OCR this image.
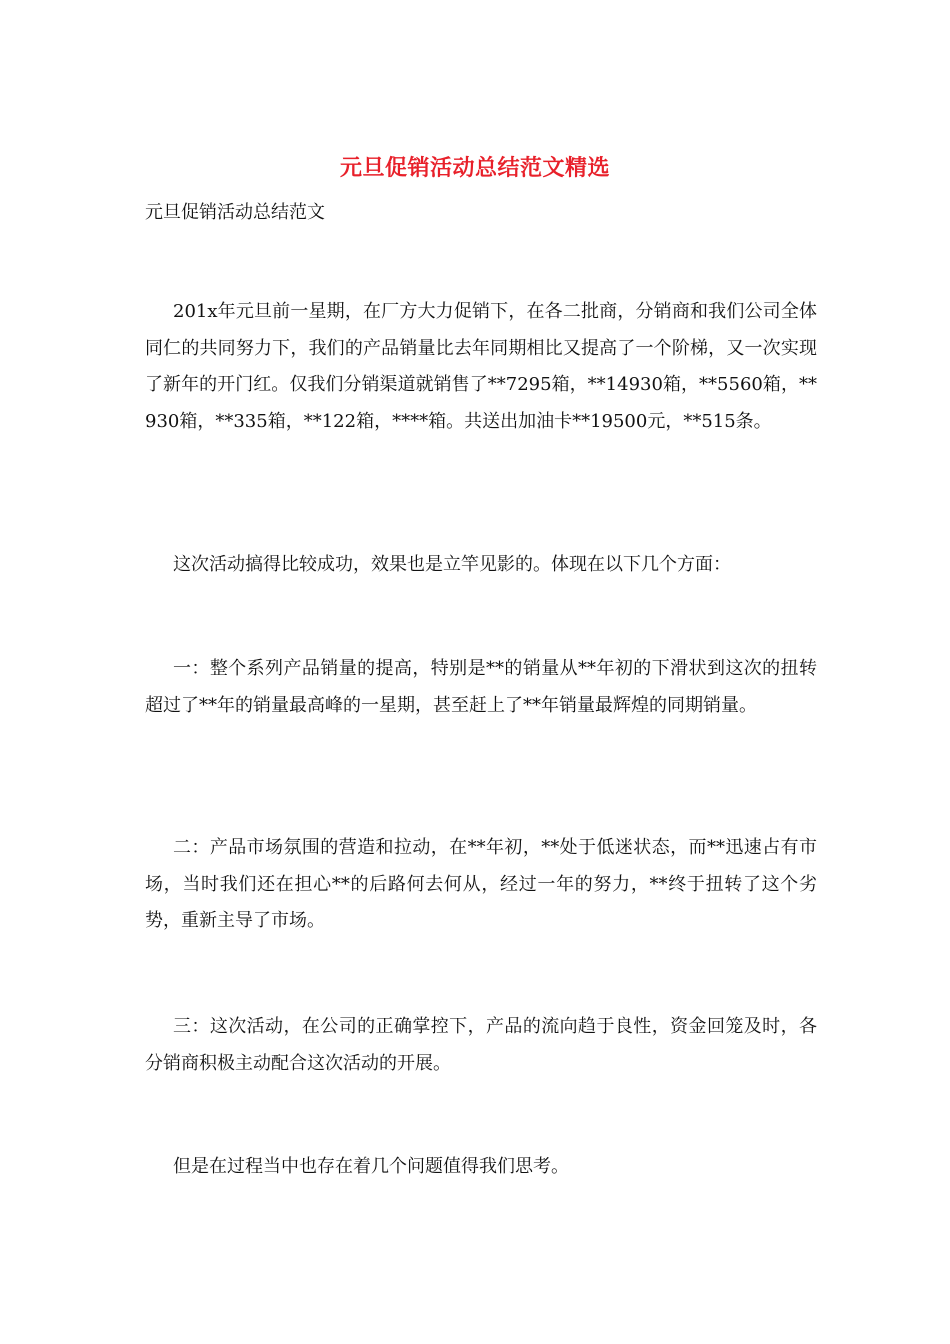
元旦促销活动总结范文精选
元旦促销活动总结范文

201x年元旦前一星期，在厂方大力促销下，在各二批商，分销商和我们公司全体同仁的共同努力下，我们的产品销量比去年同期相比又提高了一个阶梯，又一次实现了新年的开门红。仅我们分销渠道就销售了**7295箱，**14930箱，**5560箱，**930箱，**335箱，**122箱，****箱。共送出加油卡**19500元，**515条。

这次活动搞得比较成功，效果也是立竿见影的。体现在以下几个方面：

一：整个系列产品销量的提高，特别是**的销量从**年初的下滑状到这次的扭转超过了**年的销量最高峰的一星期，甚至赶上了**年销量最辉煌的同期销量。

二：产品市场氛围的营造和拉动，在**年初，**处于低迷状态，而**迅速占有市场，当时我们还在担心**的后路何去何从，经过一年的努力，**终于扭转了这个劣势，重新主导了市场。

三：这次活动，在公司的正确掌控下，产品的流向趋于良性，资金回笼及时，各分销商积极主动配合这次活动的开展。

但是在过程当中也存在着几个问题值得我们思考。
